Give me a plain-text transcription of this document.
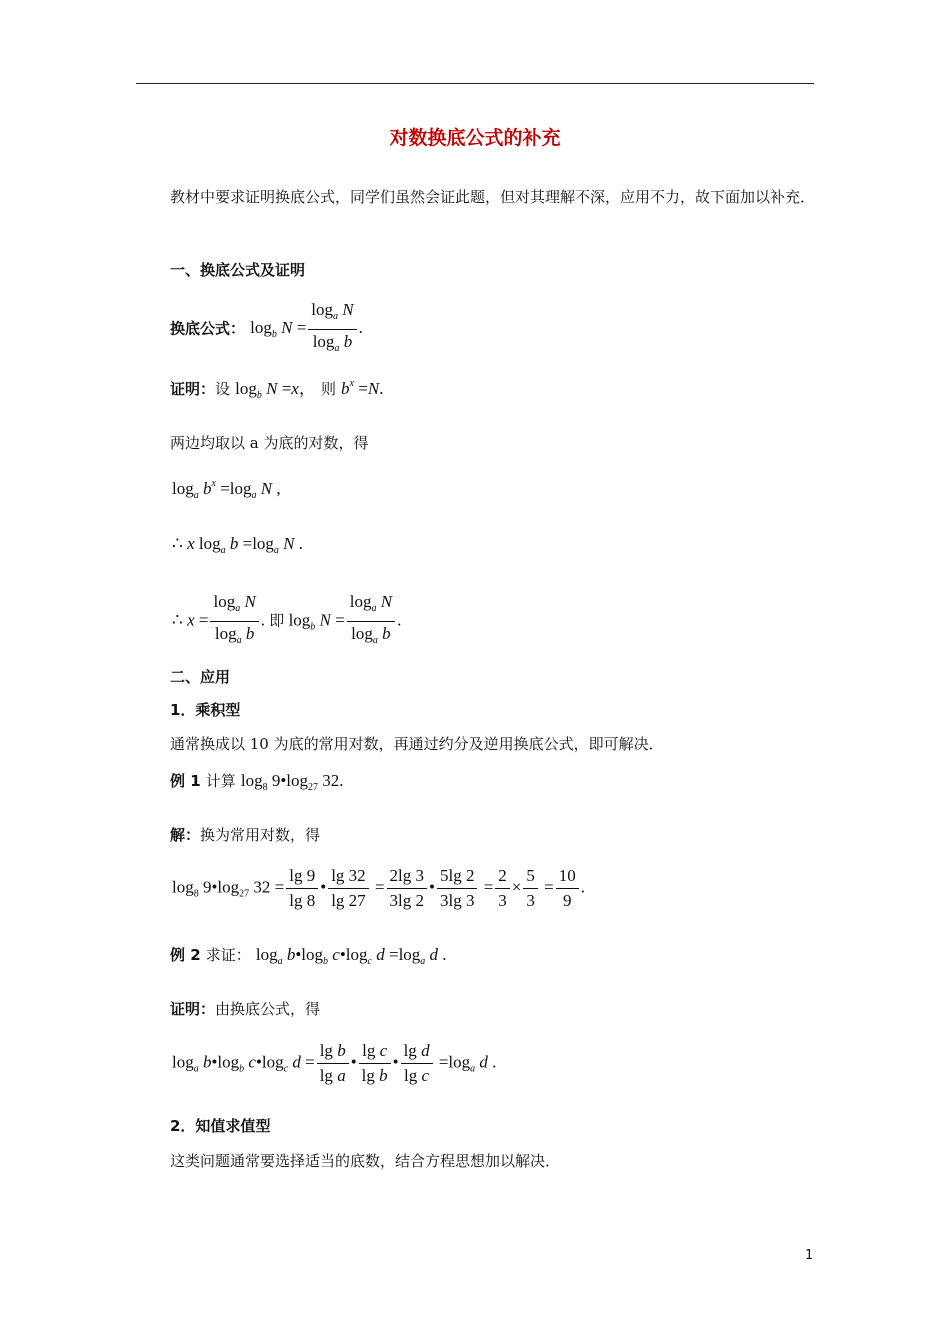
对数换底公式的补充
教材中要求证明换底公式，同学们虽然会证此题，但对其理解不深，应用不力，故下面加以补充．
一、换底公式及证明
换底公式： $\log_b N = \frac{\log_a N}{\log_a b}$ .
证明：设 $\log_b N =x$， 则 $b^x =N$.
两边均取以 a 为底的对数，得
$\log_a b^x =\log_a$ N ,
∴ x $\log_a b =\log_a$ N .
∴ $x = \frac{\log_a N}{\log_a b}$ . 即 $\log_b N = \frac{\log_a N}{\log_a b}$ .
二、应用
1．乘积型
通常换成以 10 为底的常用对数，再通过约分及逆用换底公式，即可解决．
例 1 计算 $\log_8$ $9•\log_{27}$ 32.
解：换为常用对数，得
$\log_8$ $9•\log_{27}$ $32 = \frac{\lg 9}{\lg 8}$ • $\frac{\lg 32}{\lg 27} = \frac{2\lg 3}{3\lg 2}$ • $\frac{5\lg 2}{3\lg 3} = \frac{2}{3} \times \frac{5}{3} = \frac{10}{9}$ .
例 2 求证： $\log_a$ $b•\log_b$ $c•\log_c$ $d =\log_a$ d .
证明：由换底公式，得
$\log_a$ $b•\log_b$ $c•\log_c$ $d = \frac{\text{lg b}}{\text{lg a}}$ • $\frac{\text{lg c}}{\text{lg b}}$ • $\frac{\text{lg d}}{\text{lg c}} =\log_a$ d .
2．知值求值型
这类问题通常要选择适当的底数，结合方程思想加以解决．
1
